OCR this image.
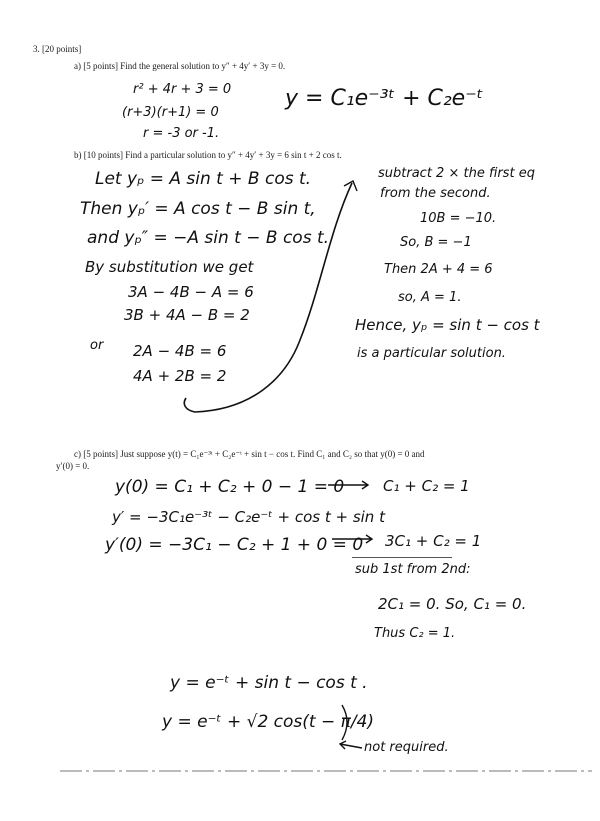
3. [20 points]
a) [5 points] Find the general solution to y″ + 4y′ + 3y = 0.
b) [10 points] Find a particular solution to y″ + 4y′ + 3y = 6 sin t + 2 cos t.
c) [5 points] Just suppose y(t) = C₁e⁻³ᵗ + C₂e⁻ᵗ + sin t − cos t. Find C₁ and C₂ so that y(0) = 0 and
y′(0) = 0.
r² + 4r + 3 = 0
(r+3)(r+1) = 0
r = -3 or -1.
y = C₁e⁻³ᵗ + C₂e⁻ᵗ
Let yₚ = A sin t + B cos t.
Then yₚ′ = A cos t − B sin t,
and yₚ″ = −A sin t − B cos t.
By substitution we get
3A − 4B − A = 6
3B + 4A − B = 2
or 2A − 4B = 6
4A + 2B = 2
subtract 2 × the first eq
from the second.
10B = −10.
So, B = −1
Then 2A + 4 = 6
so, A = 1.
Hence, yₚ = sin t − cos t
is a particular solution.
y(0) = C₁ + C₂ + 0 − 1 = 0	C₁ + C₂ = 1
y′ = −3C₁e⁻³ᵗ − C₂e⁻ᵗ + cos t + sin t
y′(0) = −3C₁ − C₂ + 1 + 0 = 0 3C₁ + C₂ = 1
sub 1st from 2nd:
2C₁ = 0. So, C₁ = 0.
Thus C₂ = 1.
y = e⁻ᵗ + sin t − cos t .
y = e⁻ᵗ + √2 cos(t − π/4)
not required.
